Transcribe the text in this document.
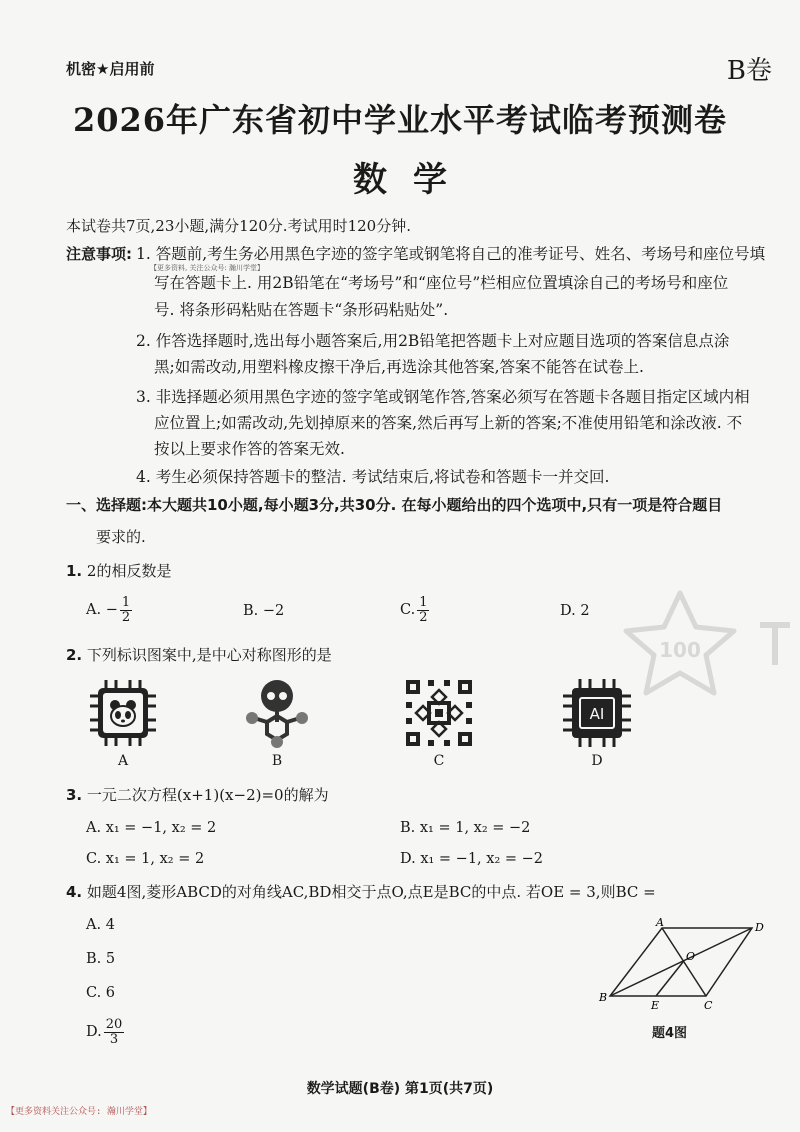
机密★启用前	B卷
2026年广东省初中学业水平考试临考预测卷
数学
本试卷共7页,23小题,满分120分.考试用时120分钟.
注意事项: 1. 答题前,考生务必用黑色字迹的签字笔或钢笔将自己的准考证号、姓名、考场号和座位号填
【更多资料, 关注公众号: 瀚川学堂】
写在答题卡上. 用2B铅笔在“考场号”和“座位号”栏相应位置填涂自己的考场号和座位
号. 将条形码粘贴在答题卡“条形码粘贴处”.
2. 作答选择题时,选出每小题答案后,用2B铅笔把答题卡上对应题目选项的答案信息点涂
黑;如需改动,用塑料橡皮擦干净后,再选涂其他答案,答案不能答在试卷上.
3. 非选择题必须用黑色字迹的签字笔或钢笔作答,答案必须写在答题卡各题目指定区域内相
应位置上;如需改动,先划掉原来的答案,然后再写上新的答案;不准使用铅笔和涂改液. 不
按以上要求作答的答案无效.
4. 考生必须保持答题卡的整洁. 考试结束后,将试卷和答题卡一并交回.
一、选择题:本大题共10小题,每小题3分,共30分. 在每小题给出的四个选项中,只有一项是符合题目
要求的.
1. 2的相反数是
A. − $\frac{1}{2}$	B. −2	C. $\frac{1}{2}$	D. 2
100
2. 下列标识图案中,是中心对称图形的是
A	B	C
AI
D
3. 一元二次方程(x+1)(x−2)=0的解为
A. x₁ = −1, x₂ = 2	B. x₁ = 1, x₂ = −2
C. x₁ = 1, x₂ = 2	D. x₁ = −1, x₂ = −2
4. 如题4图,菱形ABCD的对角线AC,BD相交于点O,点E是BC的中点. 若OE = 3,则BC =
A. 4
B. 5
C. 6
D. $\frac{20}{3}$
A	D
B
C
O
E
题4图
数学试题(B卷) 第1页(共7页)
【更多资料关注公众号: 瀚川学堂】
